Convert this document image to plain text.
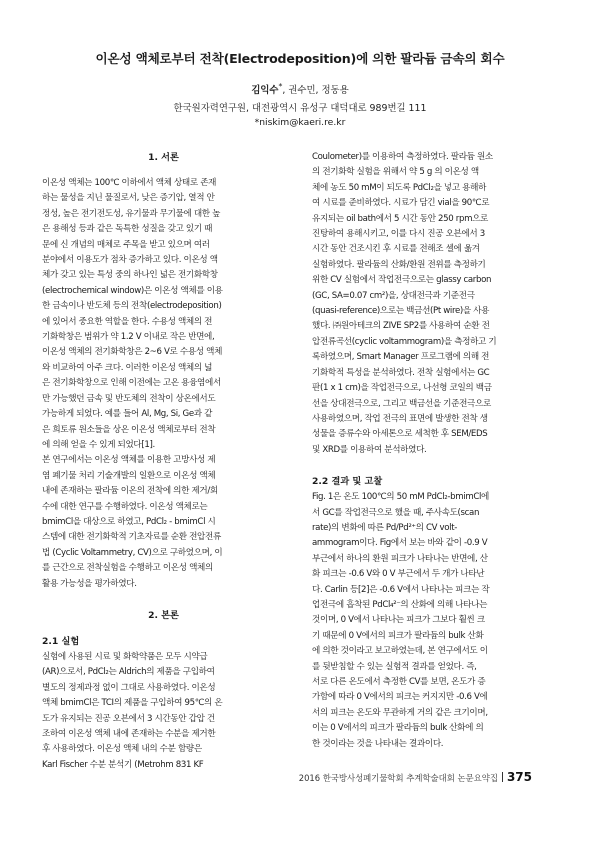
이온성 액체로부터 전착(Electrodeposition)에 의한 팔라듐 금속의 회수
김익수*, 권수민, 정동용
한국원자력연구원, 대전광역시 유성구 대덕대로 989번길 111
*niskim@kaeri.re.kr
1. 서론
이온성 액체는 100℃ 이하에서 액체 상태로 존재
하는 물성을 지닌 물질로서, 낮은 증기압, 열적 안
정성, 높은 전기전도성, 유기물과 무기물에 대한 높
은 용해성 등과 같은 독특한 성질을 갖고 있기 때
문에 신 개념의 매체로 주목을 받고 있으며 여러
분야에서 이용도가 점차 증가하고 있다. 이온성 액
체가 갖고 있는 특성 중의 하나인 넓은 전기화학창
(electrochemical window)은 이온성 액체를 이용
한 금속이나 반도체 등의 전착(electrodeposition)
에 있어서 중요한 역할을 한다. 수용성 액체의 전
기화학창은 범위가 약 1.2 V 이내로 작은 반면에,
이온성 액체의 전기화학창은 2~6 V로 수용성 액체
와 비교하여 아주 크다. 이러한 이온성 액체의 넓
은 전기화학창으로 인해 이전에는 고온 용융염에서
만 가능했던 금속 및 반도체의 전착이 상온에서도
가능하게 되었다. 예를 들어 Al, Mg, Si, Ge과 같
은 희토류 원소들을 상온 이온성 액체로부터 전착
에 의해 얻을 수 있게 되었다[1].
본 연구에서는 이온성 액체를 이용한 고방사성 제
염 폐기물 처리 기술개발의 일환으로 이온성 액체
내에 존재하는 팔라듐 이온의 전착에 의한 제거/회
수에 대한 연구를 수행하였다. 이온성 액체로는
bmimCl을 대상으로 하였고, PdCl₂ - bmimCl 시
스템에 대한 전기화학적 기초자료를 순환 전압전류
법 (Cyclic Voltammetry, CV)으로 구하였으며, 이
를 근간으로 전착실험을 수행하고 이온성 액체의
활용 가능성을 평가하였다.
2. 본론
2.1 실험
실험에 사용된 시료 및 화학약품은 모두 시약급
(AR)으로서, PdCl₂는 Aldrich의 제품을 구입하여
별도의 정제과정 없이 그대로 사용하였다. 이온성
액체 bmimCl은 TCI의 제품을 구입하여 95℃의 온
도가 유지되는 진공 오븐에서 3 시간동안 갑압 건
조하여 이온성 액체 내에 존재하는 수분을 제거한
후 사용하였다. 이온성 액체 내의 수분 함량은
Karl Fischer 수분 분석기 (Metrohm 831 KF
Coulometer)를 이용하여 측정하였다. 팔라듐 원소
의 전기화학 실험을 위해서 약 5 g 의 이온성 액
체에 농도 50 mM이 되도록 PdCl₂을 넣고 용해하
여 시료를 준비하였다. 시료가 담긴 vial을 90℃로
유지되는 oil bath에서 5 시간 동안 250 rpm으로
진탕하여 용해시키고, 이를 다시 진공 오븐에서 3
시간 동안 건조시킨 후 시료를 전해조 셀에 옮겨
실험하였다. 팔라듐의 산화/환원 전위를 측정하기
위한 CV 실험에서 작업전극으로는 glassy carbon
(GC, SA=0.07 cm²)을, 상대전극과 기준전극
(quasi-reference)으로는 백금선(Pt wire)을 사용
했다. ㈜원아테크의 ZIVE SP2를 사용하여 순환 전
압전류곡선(cyclic voltammogram)을 측정하고 기
록하였으며, Smart Manager 프로그램에 의해 전
기화학적 특성을 분석하였다. 전착 실험에서는 GC
판(1 x 1 cm)을 작업전극으로, 나선형 코일의 백금
선을 상대전극으로, 그리고 백금선을 기준전극으로
사용하였으며, 작업 전극의 표면에 발생한 전착 생
성물을 증류수와 아세톤으로 세척한 후 SEM/EDS
및 XRD를 이용하여 분석하였다.
2.2 결과 및 고찰
Fig. 1은 온도 100℃의 50 mM PdCl₂-bmimCl에
서 GC를 작업전극으로 했을 때, 주사속도(scan
rate)의 변화에 따른 Pd/Pd²⁺의 CV volt-
ammogram이다. Fig에서 보는 바와 같이 -0.9 V
부근에서 하나의 환원 피크가 나타나는 반면에, 산
화 피크는 -0.6 V와 0 V 부근에서 두 개가 나타난
다. Carlin 등[2]은 -0.6 V에서 나타나는 피크는 작
업전극에 흡착된 PdCl₄²⁻의 산화에 의해 나타나는
것이며, 0 V에서 나타나는 피크가 그보다 훨씬 크
기 때문에 0 V에서의 피크가 팔라듐의 bulk 산화
에 의한 것이라고 보고하였는데, 본 연구에서도 이
를 뒷받침할 수 있는 실험적 결과를 얻었다. 즉,
서로 다른 온도에서 측정한 CV를 보면, 온도가 증
가함에 따라 0 V에서의 피크는 커지지만 -0.6 V에
서의 피크는 온도와 무관하게 거의 같은 크기이며,
이는 0 V에서의 피크가 팔라듐의 bulk 산화에 의
한 것이라는 것을 나타내는 결과이다.
2016 한국방사성폐기물학회 추계학술대회 논문요약집 375
